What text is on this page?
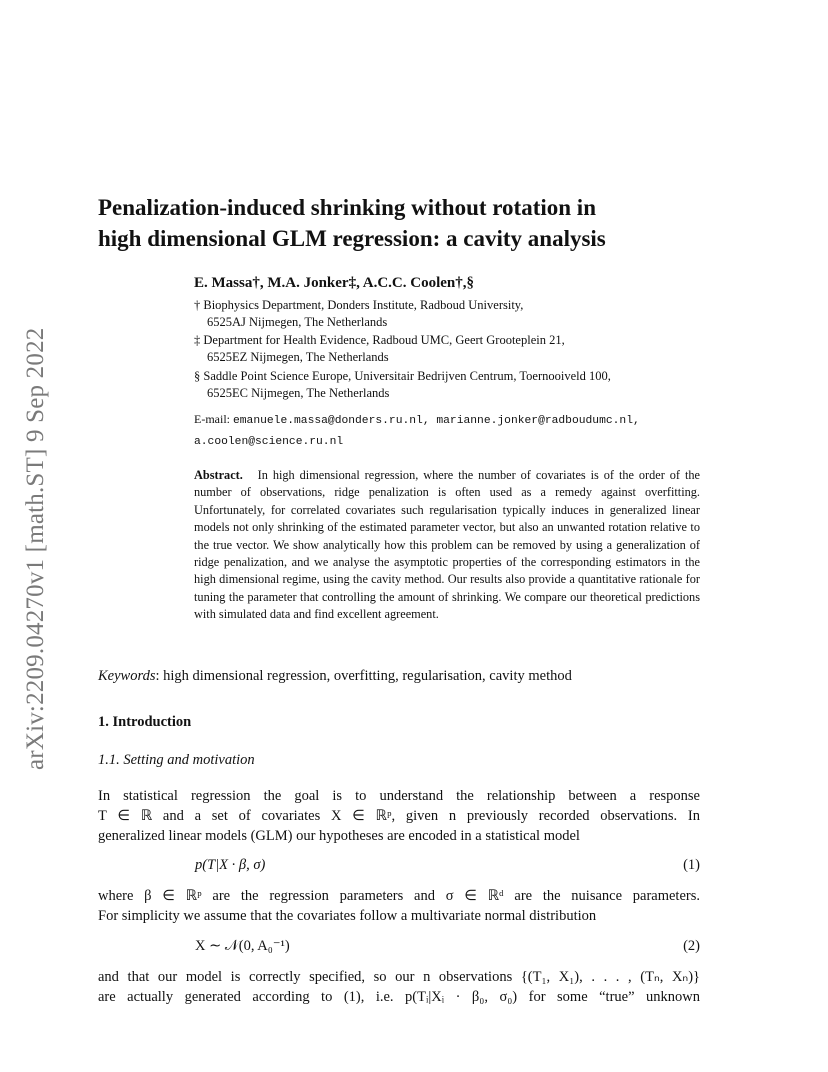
arXiv:2209.04270v1 [math.ST] 9 Sep 2022
Penalization-induced shrinking without rotation in
high dimensional GLM regression: a cavity analysis
E. Massa†, M.A. Jonker‡, A.C.C. Coolen†,§
† Biophysics Department, Donders Institute, Radboud University,
6525AJ Nijmegen, The Netherlands
‡ Department for Health Evidence, Radboud UMC, Geert Grooteplein 21,
6525EZ Nijmegen, The Netherlands
§ Saddle Point Science Europe, Universitair Bedrijven Centrum, Toernooiveld 100,
6525EC Nijmegen, The Netherlands
E-mail: emanuele.massa@donders.ru.nl, marianne.jonker@radboudumc.nl,
a.coolen@science.ru.nl
Abstract. In high dimensional regression, where the number of covariates is of the order of the number of observations, ridge penalization is often used as a remedy against overfitting. Unfortunately, for correlated covariates such regularisation typically induces in generalized linear models not only shrinking of the estimated parameter vector, but also an unwanted rotation relative to the true vector. We show analytically how this problem can be removed by using a generalization of ridge penalization, and we analyse the asymptotic properties of the corresponding estimators in the high dimensional regime, using the cavity method. Our results also provide a quantitative rationale for tuning the parameter that controlling the amount of shrinking. We compare our theoretical predictions with simulated data and find excellent agreement.
Keywords: high dimensional regression, overfitting, regularisation, cavity method
1. Introduction
1.1. Setting and motivation
In statistical regression the goal is to understand the relationship between a response
T ∈ ℝ and a set of covariates X ∈ ℝᵖ, given n previously recorded observations. In
generalized linear models (GLM) our hypotheses are encoded in a statistical model
p(T|X · β, σ)	(1)
where β ∈ ℝᵖ are the regression parameters and σ ∈ ℝᵈ are the nuisance parameters.
For simplicity we assume that the covariates follow a multivariate normal distribution
X ∼ 𝒩(0, A₀⁻¹)	(2)
and that our model is correctly specified, so our n observations {(T₁, X₁), . . . , (Tₙ, Xₙ)}
are actually generated according to (1), i.e. p(Tᵢ|Xᵢ · β₀, σ₀) for some “true” unknown
